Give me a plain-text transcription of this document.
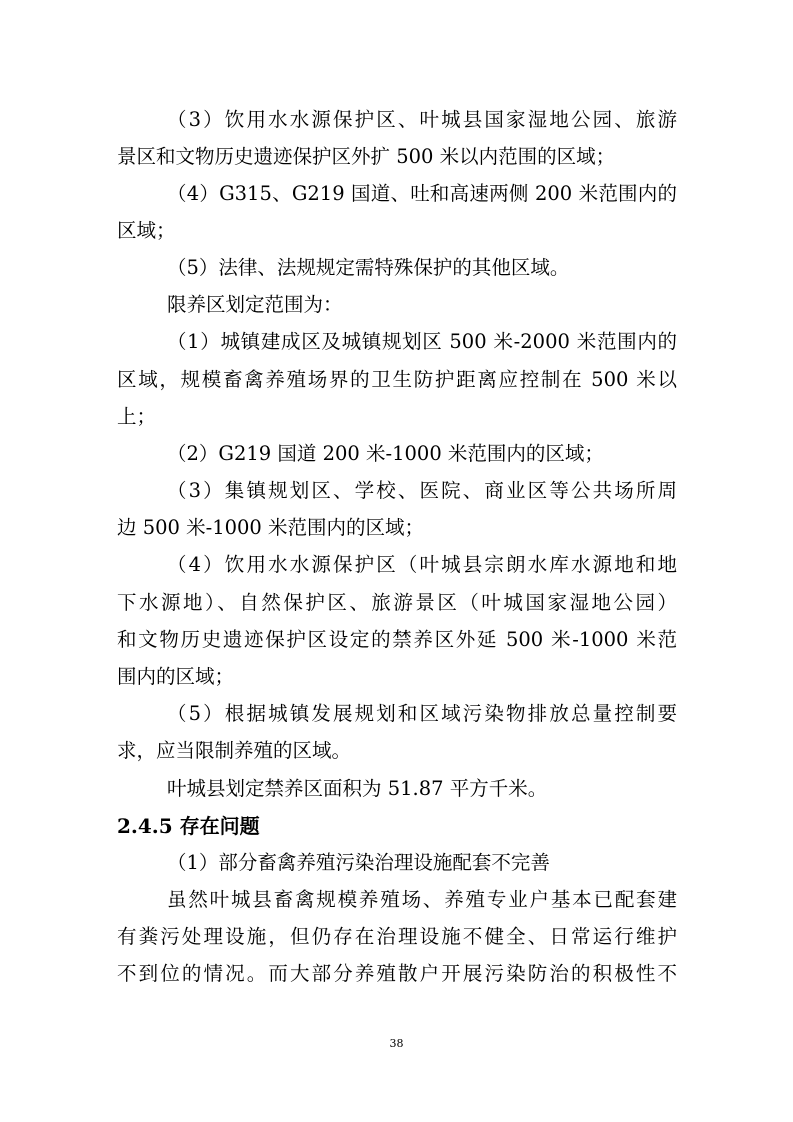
（3）饮用水水源保护区、叶城县国家湿地公园、旅游
景区和文物历史遗迹保护区外扩 500 米以内范围的区域；
（4）G315、G219 国道、吐和高速两侧 200 米范围内的
区域；
（5）法律、法规规定需特殊保护的其他区域。
限养区划定范围为：
（1）城镇建成区及城镇规划区 500 米-2000 米范围内的
区域，规模畜禽养殖场界的卫生防护距离应控制在 500 米以
上；
（2）G219 国道 200 米-1000 米范围内的区域；
（3）集镇规划区、学校、医院、商业区等公共场所周
边 500 米-1000 米范围内的区域；
（4）饮用水水源保护区（叶城县宗朗水库水源地和地
下水源地）、自然保护区、旅游景区（叶城国家湿地公园）
和文物历史遗迹保护区设定的禁养区外延 500 米-1000 米范
围内的区域；
（5）根据城镇发展规划和区域污染物排放总量控制要
求，应当限制养殖的区域。
叶城县划定禁养区面积为 51.87 平方千米。
2.4.5 存在问题
（1）部分畜禽养殖污染治理设施配套不完善
虽然叶城县畜禽规模养殖场、养殖专业户基本已配套建
有粪污处理设施，但仍存在治理设施不健全、日常运行维护
不到位的情况。而大部分养殖散户开展污染防治的积极性不
38
